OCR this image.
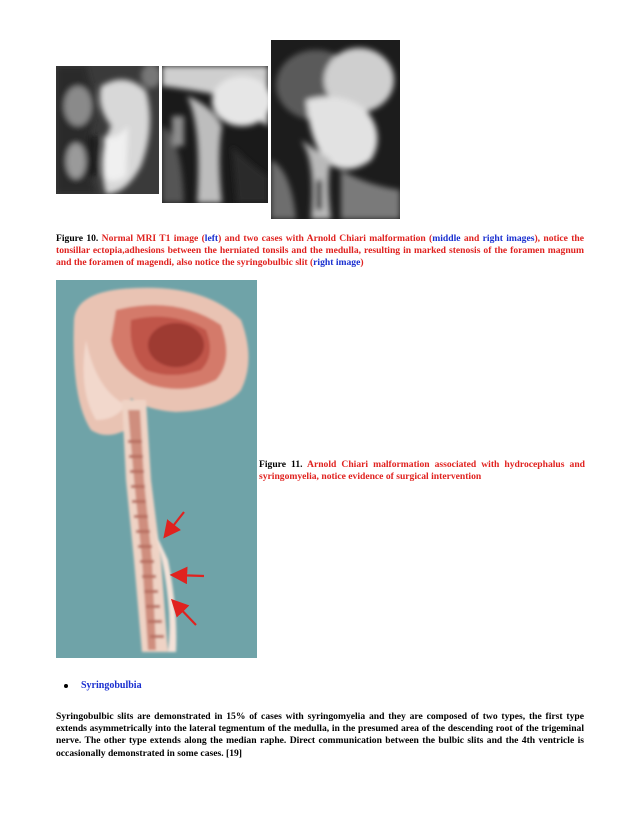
Figure 10. Normal MRI T1 image (left) and two cases with Arnold Chiari malformation (middle and right images), notice the tonsillar ectopia,adhesions between the herniated tonsils and the medulla, resulting in marked stenosis of the foramen magnum and the foramen of magendi, also notice the syringobulbic slit (right image)
Figure 11. Arnold Chiari malformation associated with hydrocephalus and syringomyelia, notice evidence of surgical intervention
Syringobulbia
Syringobulbic slits are demonstrated in 15% of cases with syringomyelia and they are composed of two types, the first type extends asymmetrically into the lateral tegmentum of the medulla, in the presumed area of the descending root of the trigeminal nerve. The other type extends along the median raphe. Direct communication between the bulbic slits and the 4th ventricle is occasionally demonstrated in some cases. [19]
